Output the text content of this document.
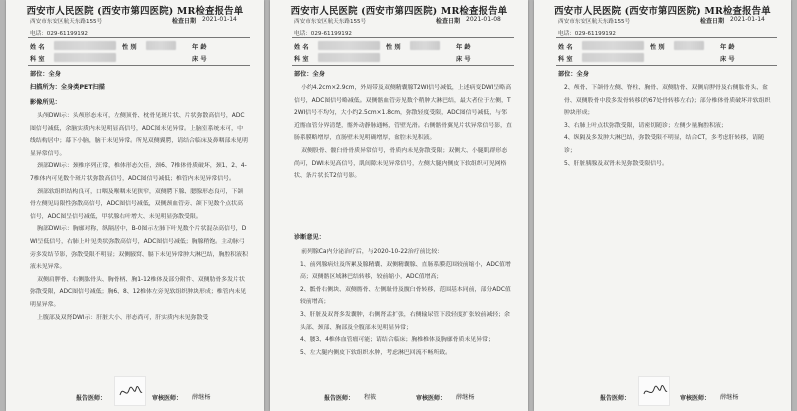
西安市人民医院 (西安市第四医院) MR检查报告单
西安市东安区航天东路155号	检查日期 2021-01-14
电话：029-61199192
姓 名	性 别	年 龄
科 室	床 号
部位：全身
扫描所为：全身类PET扫描
影像所见：

头颅DWI示：头颅形态未可，左侧顶骨、枕骨见斑片状、片状弥散高信号，ADC图信号减低，余脑实质内未见明显高信号，ADC图未见异常。上脑室系统未可，中线结构居中；幕下小脑，脑干未见异常。所见双侧翼腭，请结合临床及鼻咽部未见明显异常信号。

颈部DWI示：颈椎序列正常，椎体形态欠佳，颈6、7椎体骨质破坏，颈1、2、4-7椎体内可见数个斑片状弥散高信号，ADC图信号减低；椎管内未见异常信号。

颈部软组织结构良可，口咽及喉咽未见狭窄，双侧腭下腺、腮腺形态良可，下颌骨左侧见局限性弥散高信号，ADC图信号减低，双侧颈血管旁、颌下见数个点状高信号，ADC图呈信号减低，甲状腺右叶增大、未见明显弥散受限。

胸部DWI示：胸廓对称，纵隔居中，B-0图示左肺下叶见数个片状混杂高信号，DWI呈低信号，右肺上叶见类状弥散高信号，ADC图信号减低；胸腺稍饱。主动脉弓旁多发结节影，弥散受限不明显；双侧腋窝、膈下未见异常肿大淋巴结，胸腔积液积液未见异常。

双侧肩胛骨、右侧肱骨头、胸骨柄、胸1-12椎体及部分附件、双侧肋骨多发片状弥散受限，ADC图信号减低；胸6、8、12椎体左旁见软组织肿块形成；椎管内未见明显异常。

上腹部及双肾DWI示：肝脏大小、形态尚可，肝实质内未见弥散受

报告医师：	审核医师： 薛继杨
西安市人民医院 (西安市第四医院) MR检查报告单
西安市东安区航天东路155号	检查日期 2021-01-08
电话：029-61199192
姓 名	性 别	年 龄
科 室	床 号
部位：全身

小约4.2cm×2.9cm，外周带及双侧精囊腺T2WI信号减低，上述病变DWI呈略高信号，ADC图信号略减低。双侧髂血管旁见数个稍肿大淋巴结，最大者位于左侧，T2WI信号不均匀，大小约2.5cm×1.8cm，弥散轻度受限，ADC图信号减低，与邻近髂血管分界清楚，髂外动静脉通畅，管壁光滑。右侧髂骨翼见片状异常信号影，直肠系膜略增厚，直肠壁未见明确增厚，盆腔未见积液。

双侧股骨、髋臼骨骨质异常信号，骨质内未见弥散受限；双侧大、小腿肌群形态尚可，DWI未见高信号，肌间隙未见异常信号，左侧大腿内侧皮下软组织可见网格状、条片状长T2信号影。

诊断意见：

前列腺Ca内分泌治疗后，与2020-10-22治疗前比较：

1、前列腺病灶及所累及腺精囊、双侧精囊腺、直肠系膜范围较前缩小，ADC值增高；双侧髂区域淋巴结转移，较前缩小，ADC值增高；

2、骶骨右侧块、双侧髂骨、左侧耻骨及髋臼骨转移，范围基本同前，部分ADC值较前增高；

3、肝脏及双肾多发囊肿，右侧肾盂扩张，右侧输尿管下段轻度扩张较前减轻；余头部、颈部、胸部及全腹部未见明显异常；

4、腰3、4椎体血管瘤可能；请结合临床；胸椎椎体及胸廓骨质未见异常；

5、左大腿内侧皮下软组织水肿，考虑淋巴回流不畅所致。

报告医师： 程筱	审核医师： 薛继杨
西安市人民医院 (西安市第四医院) MR检查报告单
西安市东安区航天东路155号	检查日期 2021-01-14
电话：029-61199192
姓 名	性 别	年 龄
科 室	床 号
部位：全身

2、颅骨、下颌骨左侧、脊柱、胸骨、双侧肋骨、双侧肩胛骨及右侧肱骨头、盆骨、双侧股骨中段多发骨转移(约67处骨转移左右)；部分椎体骨质破坏并软组织肿块形成；

3、右肺上叶点状弥散受限，请密切随诊；左侧少量胸腔积液；

4、纵隔及多发肿大淋巴结，弥散受限不明显，结合CT，多考虑肝转移，请随诊；

5、肝脏胰腺及双肾未见弥散受限信号。

报告医师：	审核医师： 薛继杨
